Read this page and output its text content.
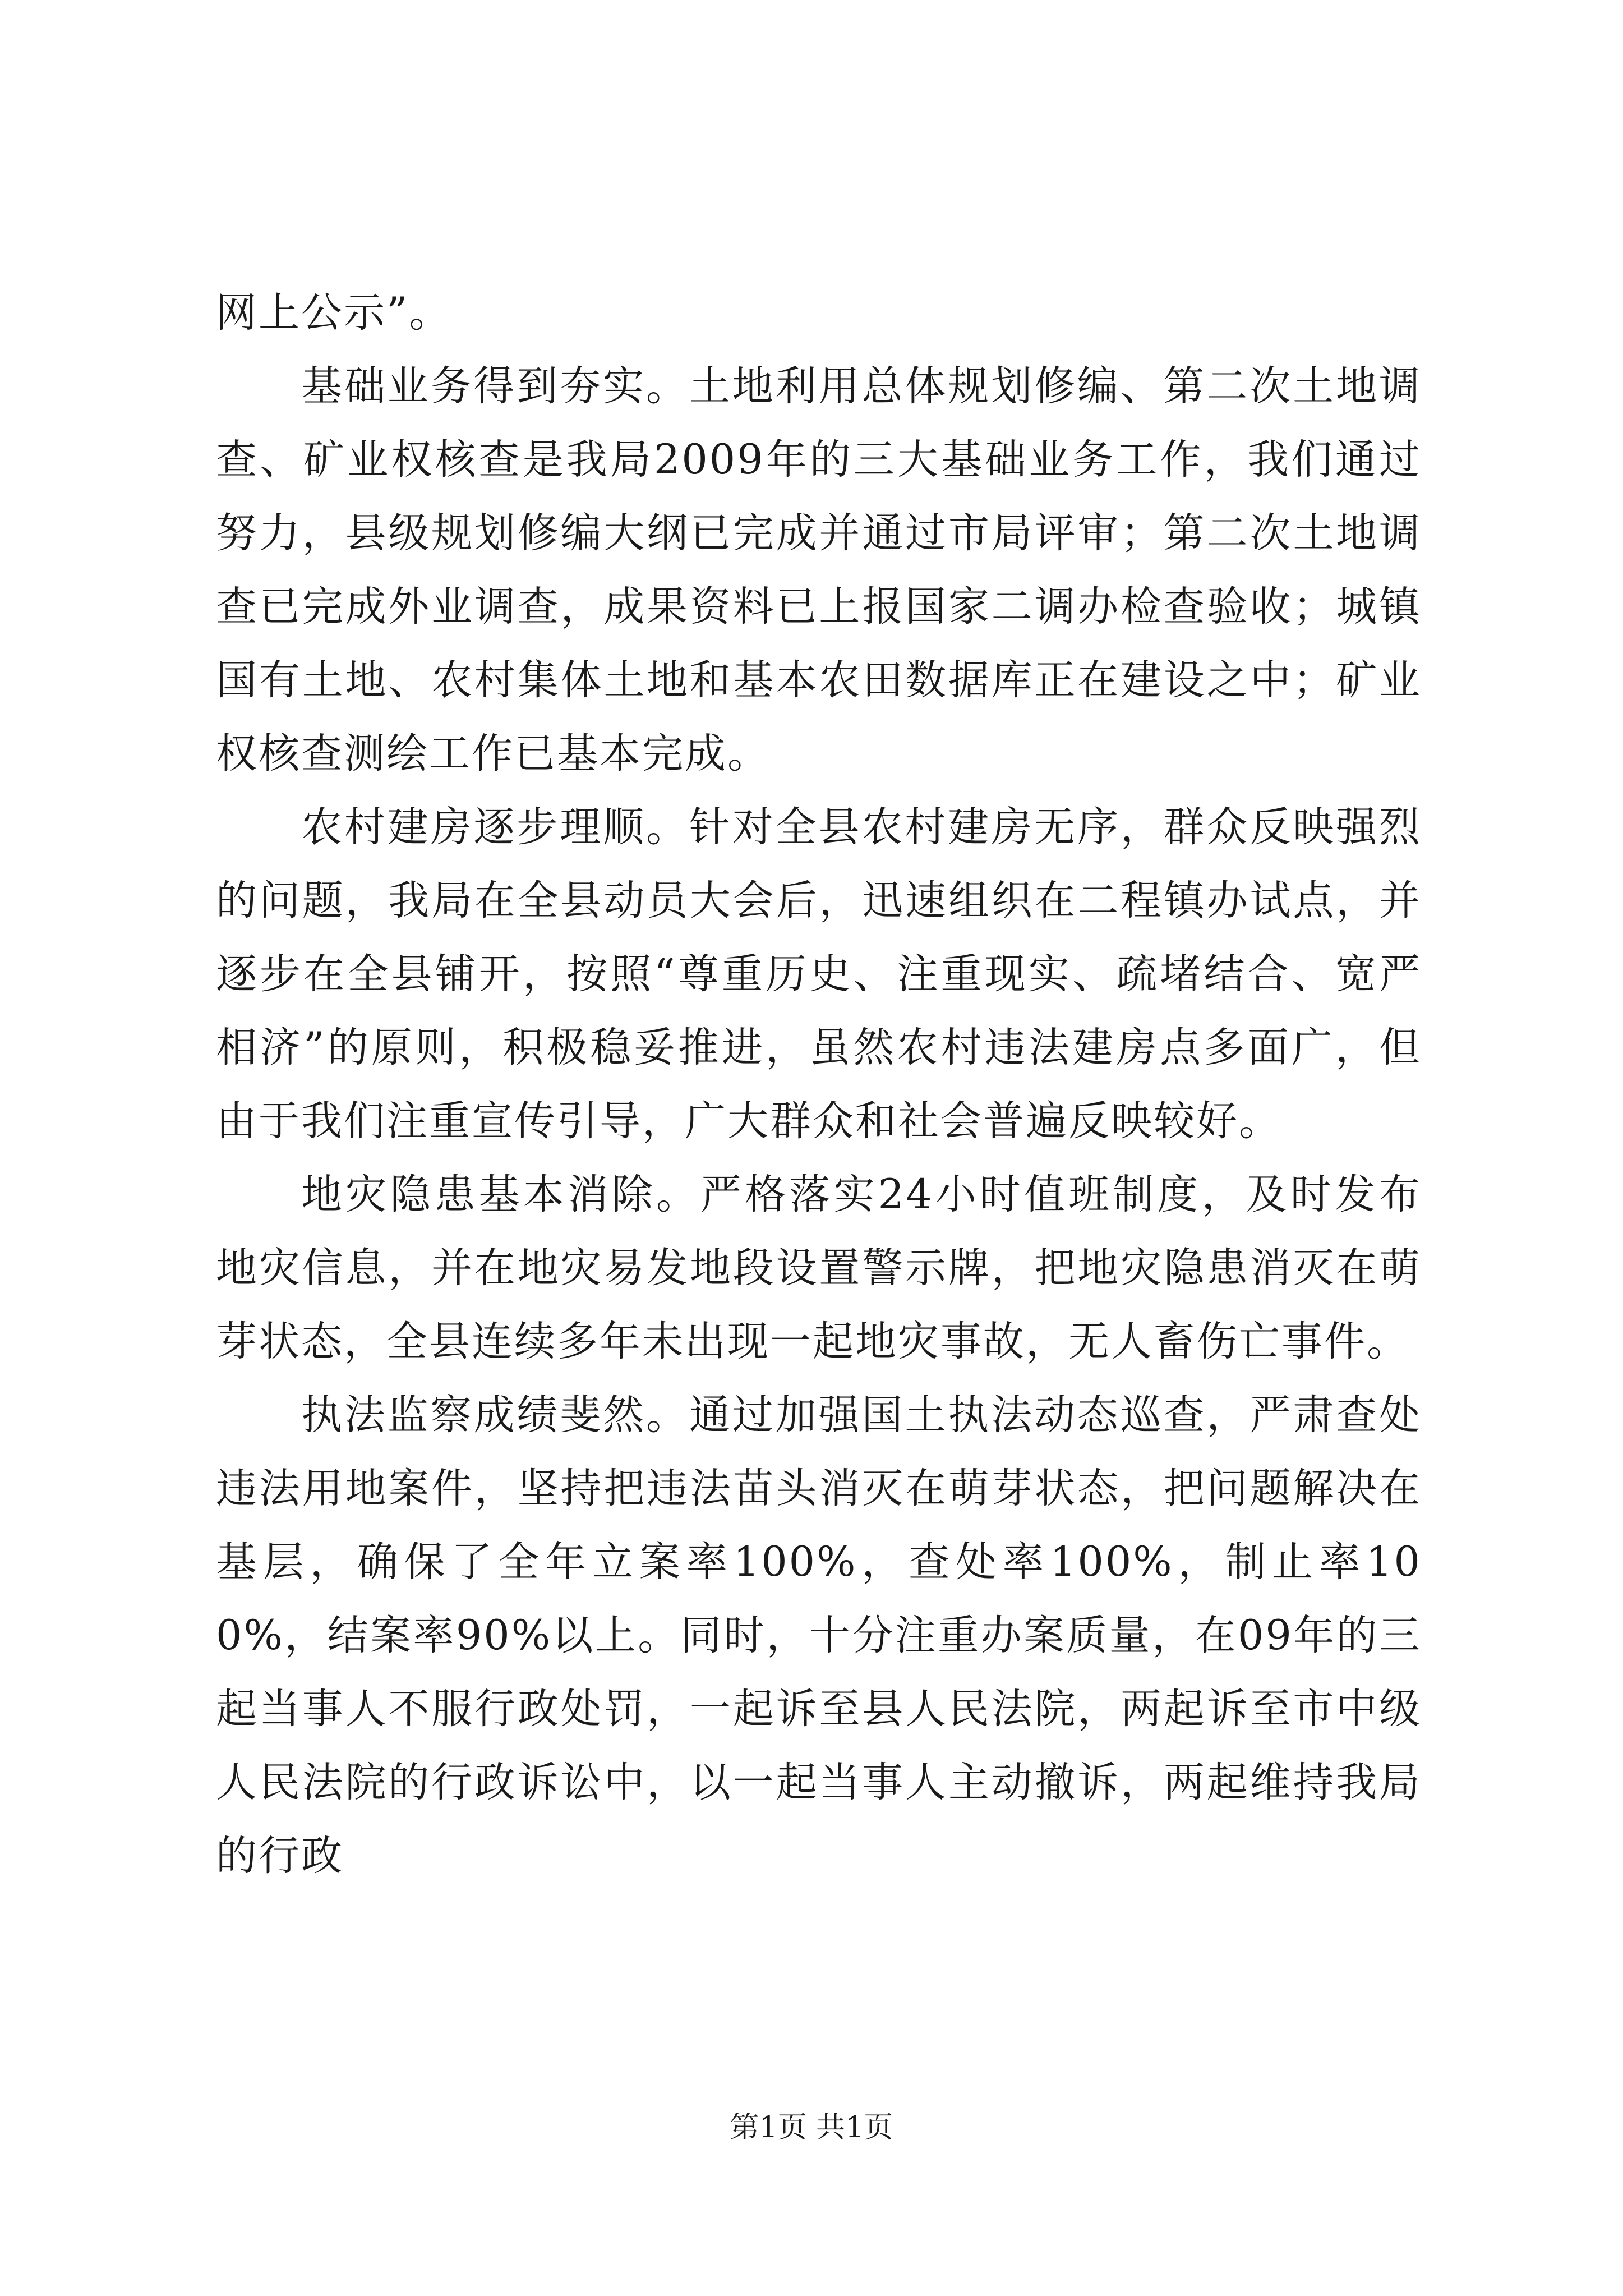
网上公示”。

基础业务得到夯实。土地利用总体规划修编、第二次土地调查、矿业权核查是我局2009年的三大基础业务工作，我们通过努力，县级规划修编大纲已完成并通过市局评审；第二次土地调查已完成外业调查，成果资料已上报国家二调办检查验收；城镇国有土地、农村集体土地和基本农田数据库正在建设之中；矿业权核查测绘工作已基本完成。

农村建房逐步理顺。针对全县农村建房无序，群众反映强烈的问题，我局在全县动员大会后，迅速组织在二程镇办试点，并逐步在全县铺开，按照“尊重历史、注重现实、疏堵结合、宽严相济”的原则，积极稳妥推进，虽然农村违法建房点多面广，但由于我们注重宣传引导，广大群众和社会普遍反映较好。

地灾隐患基本消除。严格落实24小时值班制度，及时发布地灾信息，并在地灾易发地段设置警示牌，把地灾隐患消灭在萌芽状态，全县连续多年未出现一起地灾事故，无人畜伤亡事件。

执法监察成绩斐然。通过加强国土执法动态巡查，严肃查处违法用地案件，坚持把违法苗头消灭在萌芽状态，把问题解决在基层，确保了全年立案率100%，查处率100%，制止率100%，结案率90%以上。同时，十分注重办案质量，在09年的三起当事人不服行政处罚，一起诉至县人民法院，两起诉至市中级人民法院的行政诉讼中，以一起当事人主动撤诉，两起维持我局的行政

第1页 共1页
